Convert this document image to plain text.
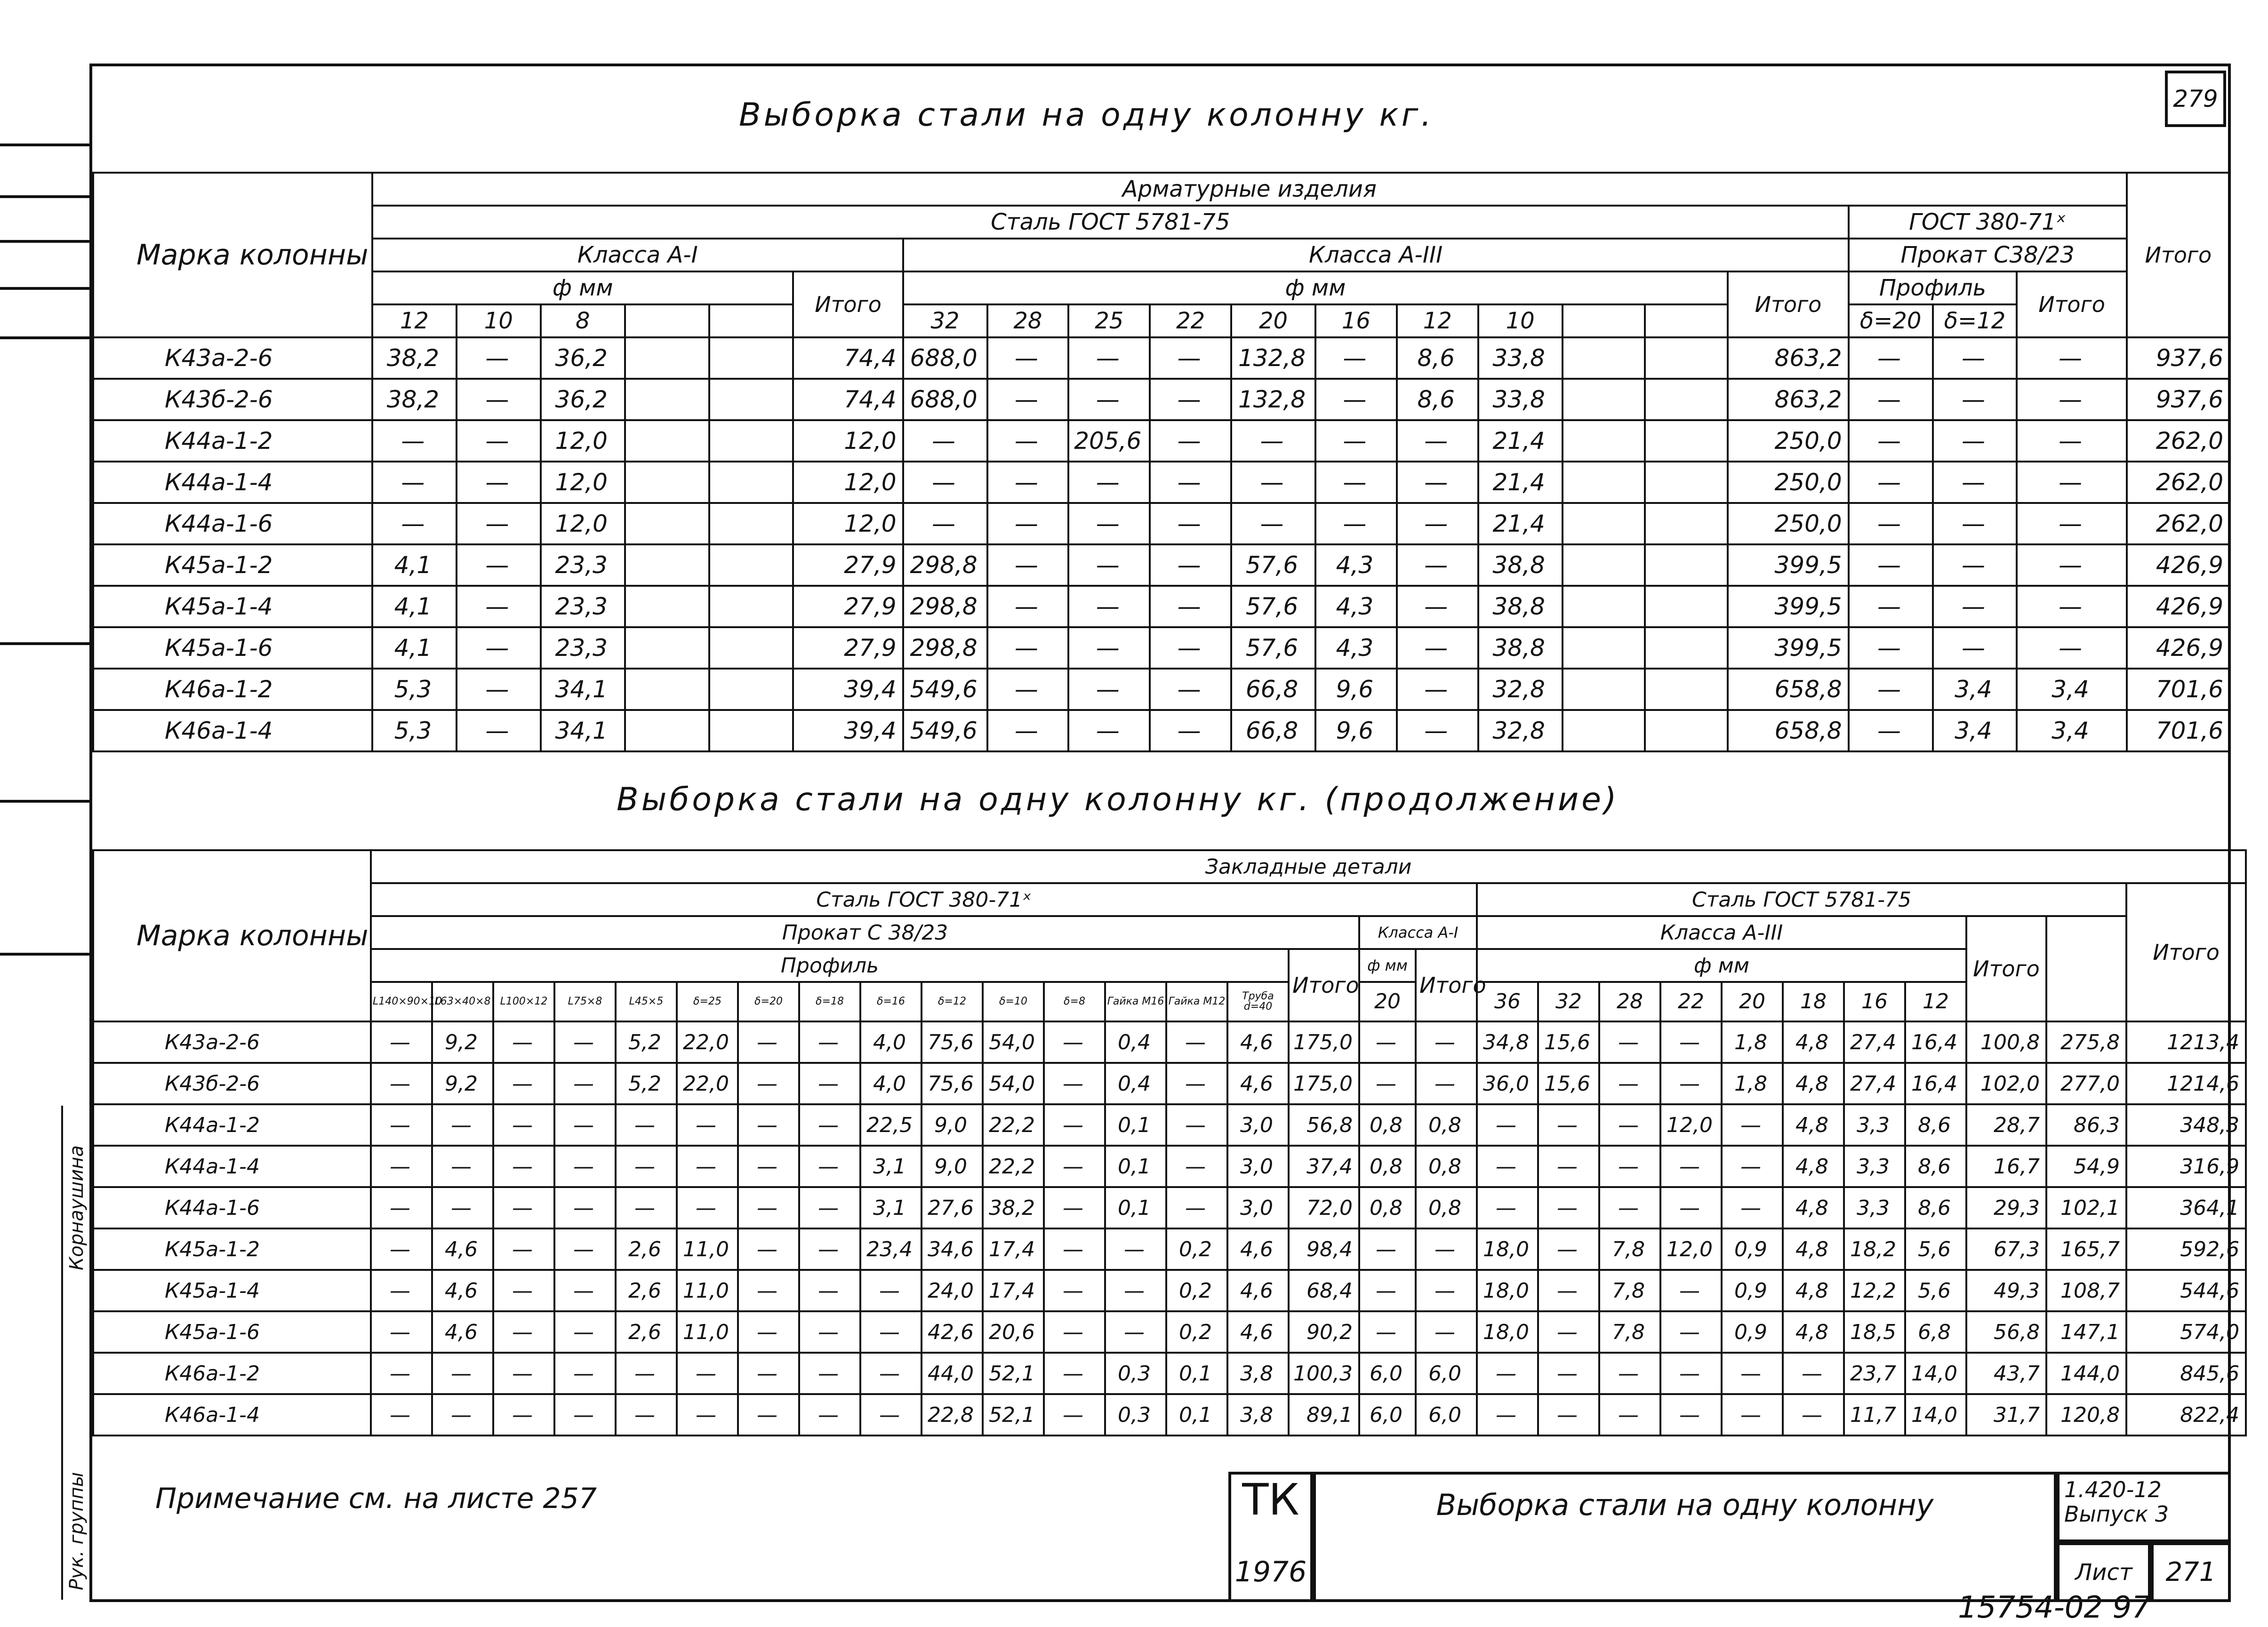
279
Выборка стали на одну колонну кг.
Марка колонны	Арматурные изделия																				Итого
	Сталь ГОСТ 5781-75																	ГОСТ 380-71ˣ			
	Класса А-I						Класса А-III											Прокат С38/23			
	ф мм					Итого	ф мм										Итого	Профиль		Итого	
	12	10	8				32	28	25	22	20	16	12	10				δ=20	δ=12		
К43а-2-6	38,2	—	36,2			74,4	688,0	—	—	—	132,8	—	8,6	33,8			863,2	—	—	—	937,6
К43б-2-6	38,2	—	36,2			74,4	688,0	—	—	—	132,8	—	8,6	33,8			863,2	—	—	—	937,6
К44а-1-2	—	—	12,0			12,0	—	—	205,6	—	—	—	—	21,4			250,0	—	—	—	262,0
К44а-1-4	—	—	12,0			12,0	—	—	—	—	—	—	—	21,4			250,0	—	—	—	262,0
К44а-1-6	—	—	12,0			12,0	—	—	—	—	—	—	—	21,4			250,0	—	—	—	262,0
К45а-1-2	4,1	—	23,3			27,9	298,8	—	—	—	57,6	4,3	—	38,8			399,5	—	—	—	426,9
К45а-1-4	4,1	—	23,3			27,9	298,8	—	—	—	57,6	4,3	—	38,8			399,5	—	—	—	426,9
К45а-1-6	4,1	—	23,3			27,9	298,8	—	—	—	57,6	4,3	—	38,8			399,5	—	—	—	426,9
К46а-1-2	5,3	—	34,1			39,4	549,6	—	—	—	66,8	9,6	—	32,8			658,8	—	3,4	3,4	701,6
К46а-1-4	5,3	—	34,1			39,4	549,6	—	—	—	66,8	9,6	—	32,8			658,8	—	3,4	3,4	701,6
Выборка стали на одну колонну кг. (продолжение)
Марка колонны	Закладные детали	
	Сталь ГОСТ 380-71ˣ																		Сталь ГОСТ 5781-75										Итого	
	Прокат С 38/23																Класса А-I		Класса А-III								Итого			
	Профиль															Итого	ф мм	Итого	ф мм											
	L140×90×10	L63×40×8	L100×12	L75×8	L45×5	δ=25	δ=20	δ=18	δ=16	δ=12	δ=10	δ=8	Гайка М16	Гайка М12	Труба d=40		20		36	32	28	22	20	18	16	12				
К43а-2-6	—	9,2	—	—	5,2	22,0	—	—	4,0	75,6	54,0	—	0,4	—	4,6	175,0	—	—	34,8	15,6	—	—	1,8	4,8	27,4	16,4	100,8	275,8	1213,4	
К43б-2-6	—	9,2	—	—	5,2	22,0	—	—	4,0	75,6	54,0	—	0,4	—	4,6	175,0	—	—	36,0	15,6	—	—	1,8	4,8	27,4	16,4	102,0	277,0	1214,6	
К44а-1-2	—	—	—	—	—	—	—	—	22,5	9,0	22,2	—	0,1	—	3,0	56,8	0,8	0,8	—	—	—	12,0	—	4,8	3,3	8,6	28,7	86,3	348,3	
К44а-1-4	—	—	—	—	—	—	—	—	3,1	9,0	22,2	—	0,1	—	3,0	37,4	0,8	0,8	—	—	—	—	—	4,8	3,3	8,6	16,7	54,9	316,9	
К44а-1-6	—	—	—	—	—	—	—	—	3,1	27,6	38,2	—	0,1	—	3,0	72,0	0,8	0,8	—	—	—	—	—	4,8	3,3	8,6	29,3	102,1	364,1	
К45а-1-2	—	4,6	—	—	2,6	11,0	—	—	23,4	34,6	17,4	—	—	0,2	4,6	98,4	—	—	18,0	—	7,8	12,0	0,9	4,8	18,2	5,6	67,3	165,7	592,6	
К45а-1-4	—	4,6	—	—	2,6	11,0	—	—	—	24,0	17,4	—	—	0,2	4,6	68,4	—	—	18,0	—	7,8	—	0,9	4,8	12,2	5,6	49,3	108,7	544,6	
К45а-1-6	—	4,6	—	—	2,6	11,0	—	—	—	42,6	20,6	—	—	0,2	4,6	90,2	—	—	18,0	—	7,8	—	0,9	4,8	18,5	6,8	56,8	147,1	574,0	
К46а-1-2	—	—	—	—	—	—	—	—	—	44,0	52,1	—	0,3	0,1	3,8	100,3	6,0	6,0	—	—	—	—	—	—	23,7	14,0	43,7	144,0	845,6	
К46а-1-4	—	—	—	—	—	—	—	—	—	22,8	52,1	—	0,3	0,1	3,8	89,1	6,0	6,0	—	—	—	—	—	—	11,7	14,0	31,7	120,8	822,4	
Рук. группы
Корнаушина
Примечание см. на листе 257	ТК
1976
Выборка стали на одну колонну	1.420-12
Выпуск 3
Лист	271
15754-02 97
